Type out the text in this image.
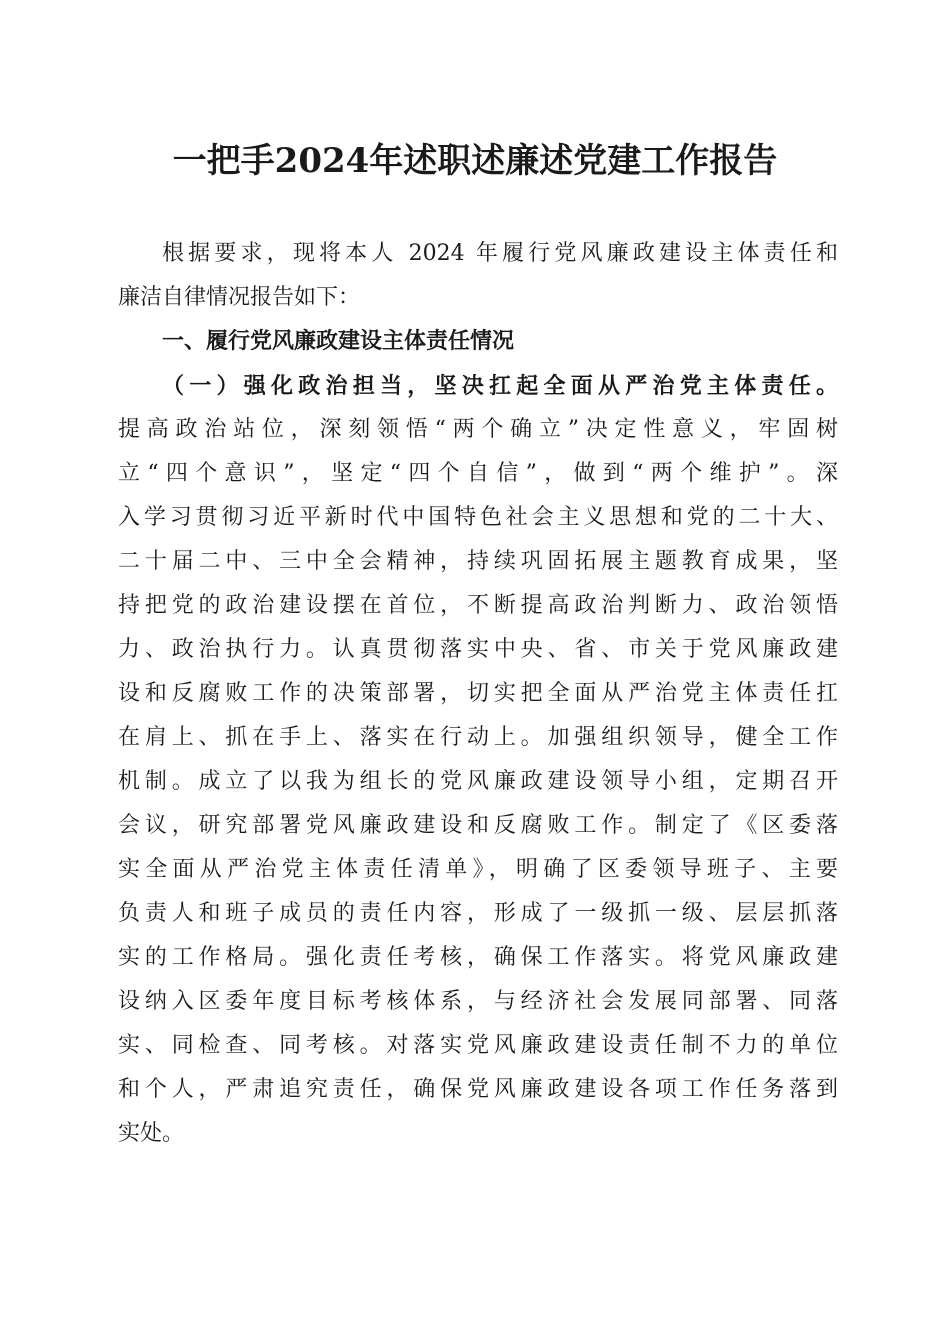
一把手2024年述职述廉述党建工作报告
根据要求，现将本人 2024 年履行党风廉政建设主体责任和
廉洁自律情况报告如下：
一、履行党风廉政建设主体责任情况
（一）强化政治担当，坚决扛起全面从严治党主体责任。
提高政治站位，深刻领悟“两个确立”决定性意义，牢固树
立“四个意识”，坚定“四个自信”，做到“两个维护”。深
入学习贯彻习近平新时代中国特色社会主义思想和党的二十大、
二十届二中、三中全会精神，持续巩固拓展主题教育成果，坚
持把党的政治建设摆在首位，不断提高政治判断力、政治领悟
力、政治执行力。认真贯彻落实中央、省、市关于党风廉政建
设和反腐败工作的决策部署，切实把全面从严治党主体责任扛
在肩上、抓在手上、落实在行动上。加强组织领导，健全工作
机制。成立了以我为组长的党风廉政建设领导小组，定期召开
会议，研究部署党风廉政建设和反腐败工作。制定了《区委落
实全面从严治党主体责任清单》，明确了区委领导班子、主要
负责人和班子成员的责任内容，形成了一级抓一级、层层抓落
实的工作格局。强化责任考核，确保工作落实。将党风廉政建
设纳入区委年度目标考核体系，与经济社会发展同部署、同落
实、同检查、同考核。对落实党风廉政建设责任制不力的单位
和个人，严肃追究责任，确保党风廉政建设各项工作任务落到
实处。
